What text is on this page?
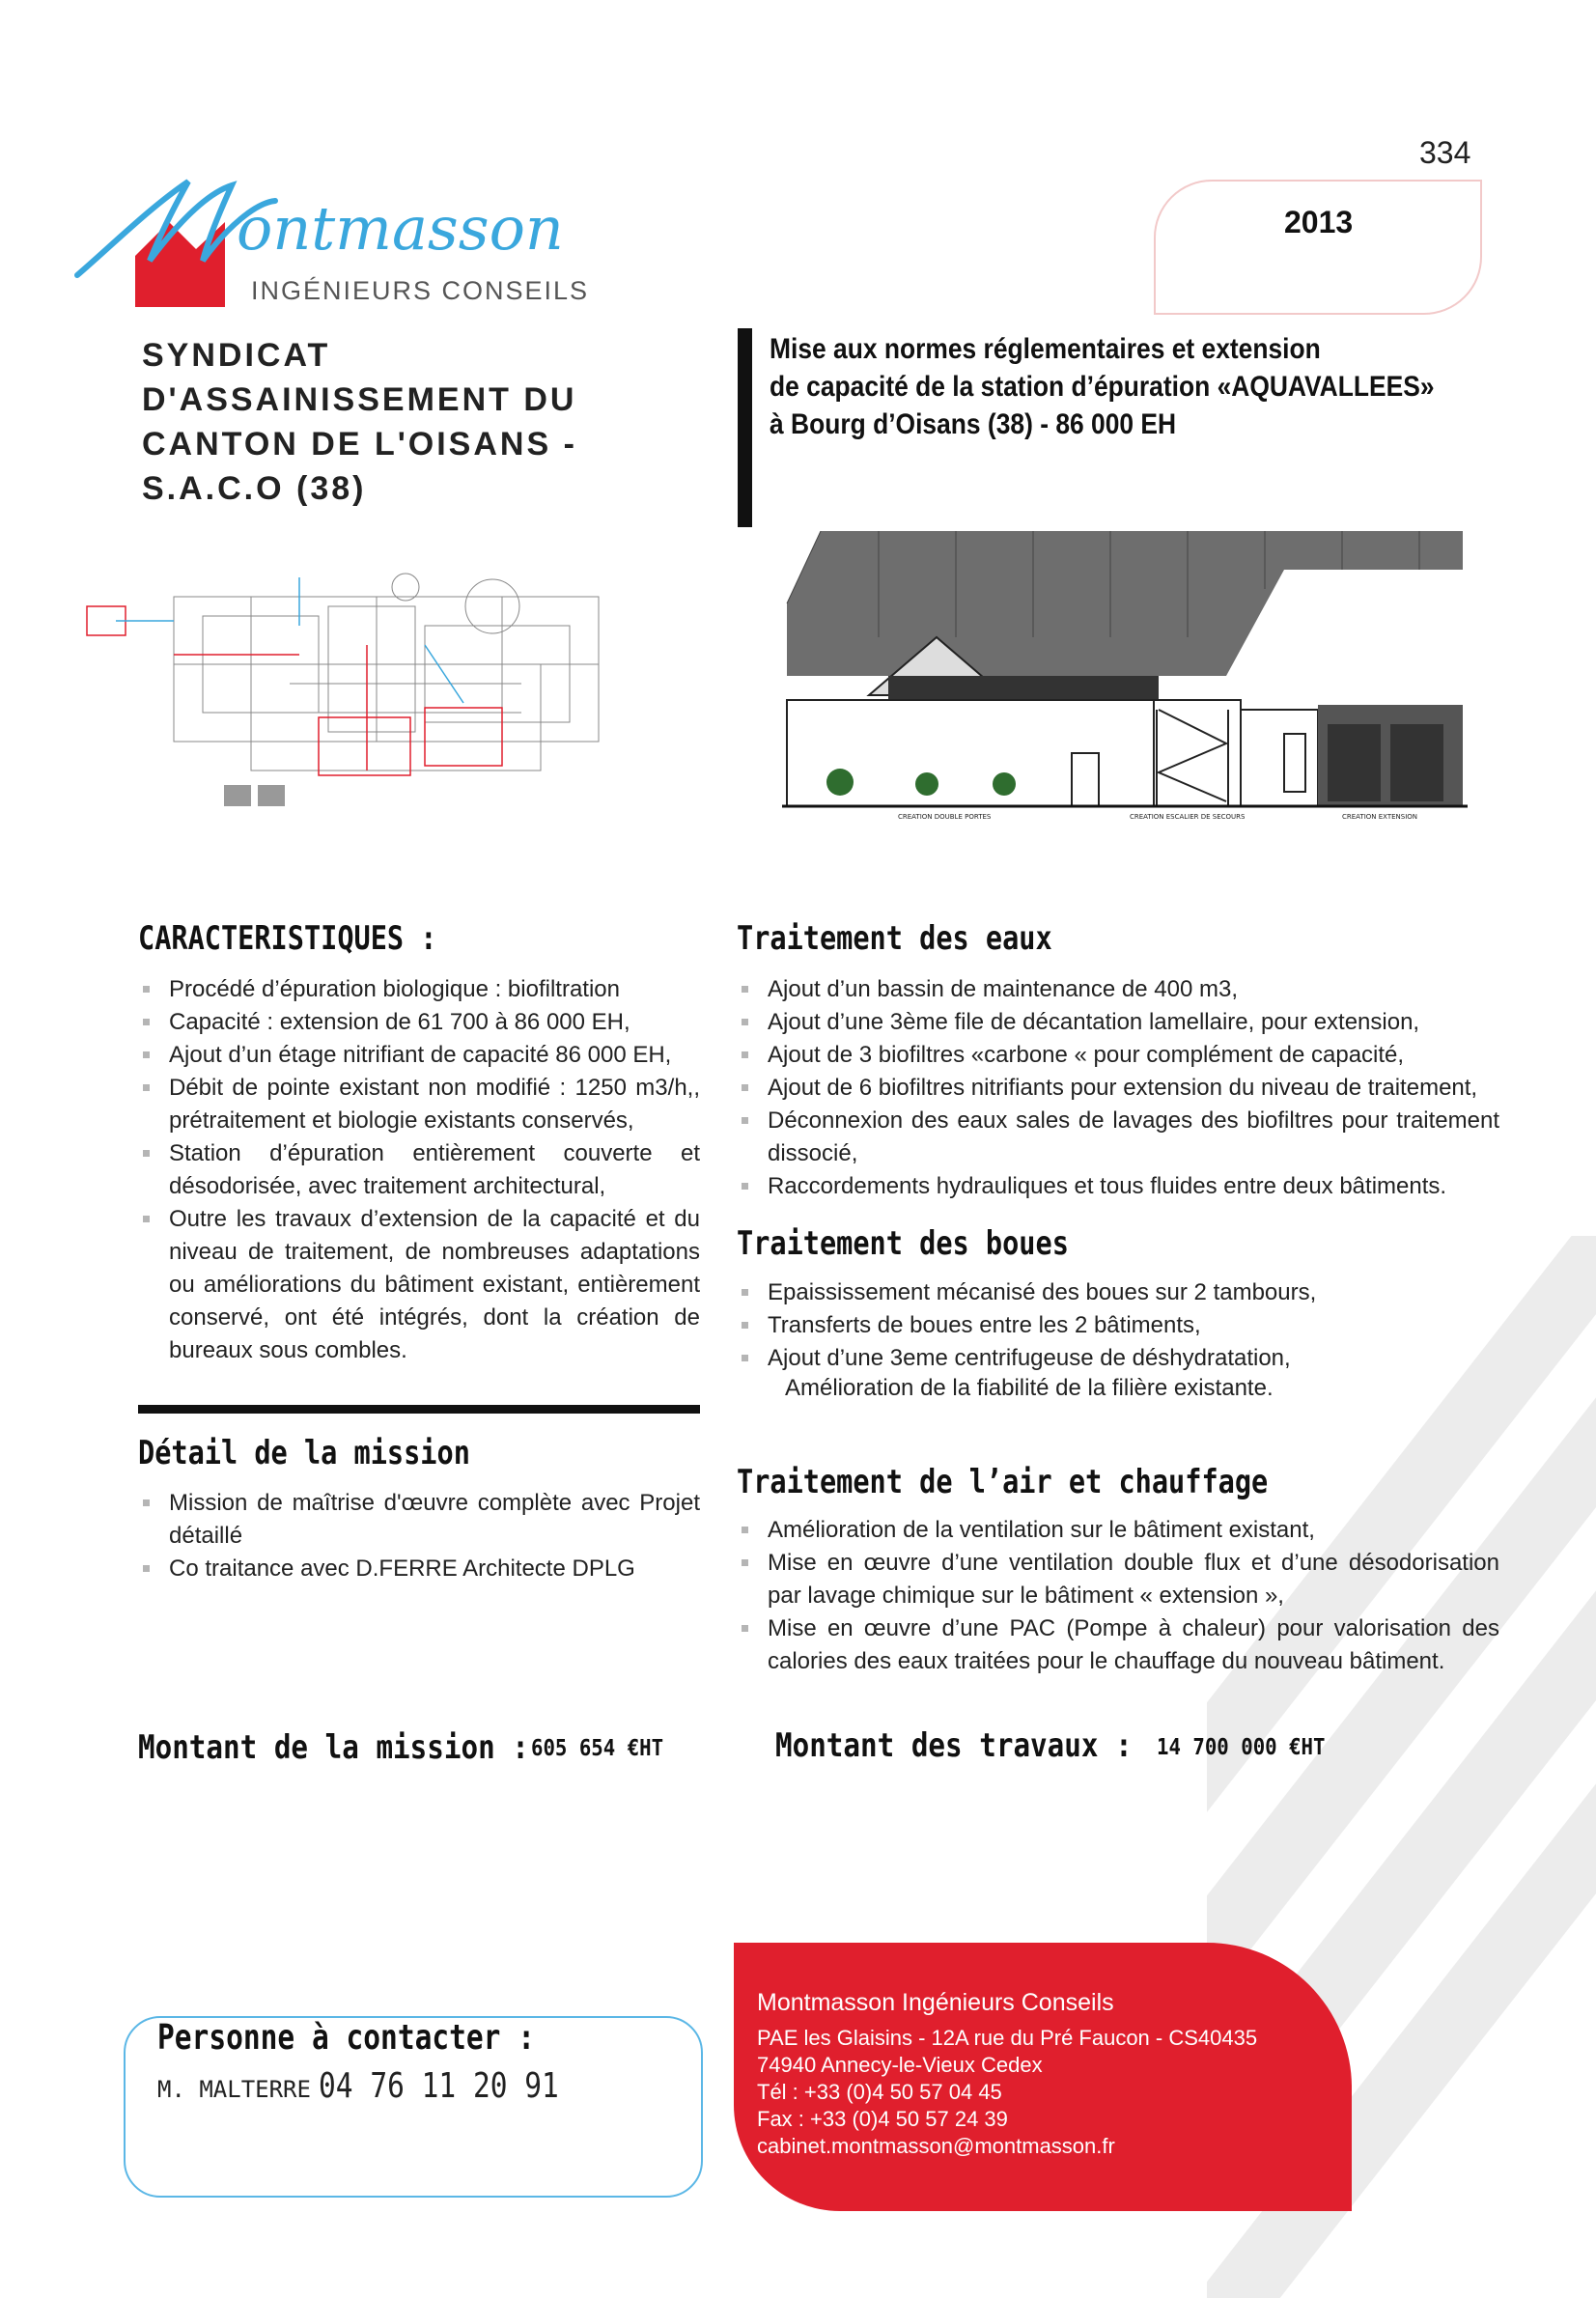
334
2013
ontmasson
INGÉNIEURS CONSEILS
SYNDICAT
D'ASSAINISSEMENT DU
CANTON DE L'OISANS -
S.A.C.O (38)
Mise aux normes réglementaires et extension
de capacité de la station d’épuration «AQUAVALLEES»
à Bourg d’Oisans (38) - 86 000 EH
CREATION DOUBLE PORTES	CREATION ESCALIER DE SECOURS	CREATION EXTENSION
CARACTERISTIQUES :
Procédé d’épuration biologique : biofiltration
Capacité : extension de 61 700 à 86 000 EH,
Ajout d’un étage nitrifiant de capacité 86 000 EH,
Débit de pointe existant non modifié : 1250 m3/h,, prétraitement et biologie existants conservés,
Station d’épuration entièrement couverte et désodorisée, avec traitement architectural,
Outre les travaux d’extension de la capacité et du niveau de traitement, de nombreuses adaptations ou améliorations du bâtiment existant, entièrement conservé, ont été intégrés, dont la création de bureaux sous combles.
Détail de la mission
Mission de maîtrise d'œuvre complète avec Projet détaillé
Co traitance avec D.FERRE Architecte DPLG
Traitement des eaux
Ajout d’un bassin de maintenance de 400 m3,
Ajout d’une 3ème file de décantation lamellaire, pour extension,
Ajout de 3 biofiltres «carbone « pour complément de capacité,
Ajout de 6 biofiltres nitrifiants pour extension du niveau de traitement,
Déconnexion des eaux sales de lavages des biofiltres pour traitement dissocié,
Raccordements hydrauliques et tous fluides entre deux bâtiments.
Traitement des boues
Epaississement mécanisé des boues sur 2 tambours,
Transferts de boues entre les 2 bâtiments,
Ajout d’une 3eme centrifugeuse de déshydratation,
Amélioration de la fiabilité de la filière existante.
Traitement de l’air et chauffage
Amélioration de la ventilation sur le bâtiment existant,
Mise en œuvre d’une ventilation double flux et d’une désodorisation par lavage chimique sur le bâtiment « extension »,
Mise en œuvre d’une PAC (Pompe à chaleur) pour valorisation des calories des eaux traitées pour le chauffage du nouveau bâtiment.
Montant de la mission : 605 654 €HT	Montant des travaux : 14 700 000 €HT
Personne à contacter :
M. MALTERRE 04 76 11 20 91
Montmasson Ingénieurs Conseils
PAE les Glaisins - 12A rue du Pré Faucon - CS40435
74940 Annecy-le-Vieux Cedex
Tél : +33 (0)4 50 57 04 45
Fax : +33 (0)4 50 57 24 39
cabinet.montmasson@montmasson.fr
